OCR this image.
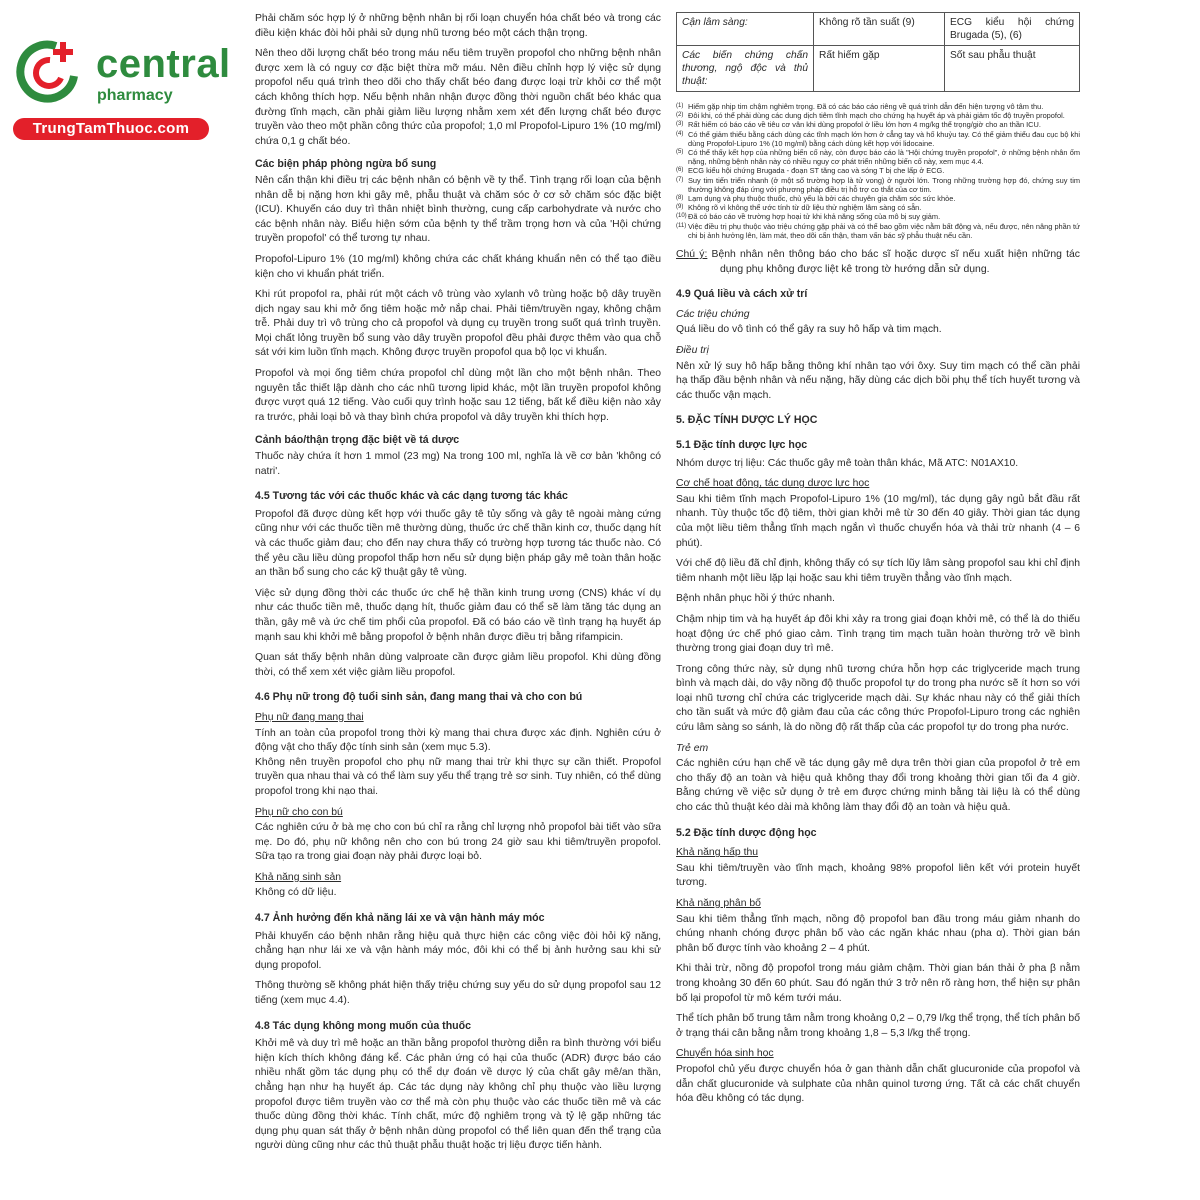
central
pharmacy
TrungTamThuoc.com

Phải chăm sóc hợp lý ở những bệnh nhân bị rối loạn chuyển hóa chất béo và trong các điều kiện khác đòi hỏi phải sử dụng nhũ tương béo một cách thận trọng.

Nên theo dõi lượng chất béo trong máu nếu tiêm truyền propofol cho những bệnh nhân được xem là có nguy cơ đặc biệt thừa mỡ máu. Nên điều chỉnh hợp lý việc sử dụng propofol nếu quá trình theo dõi cho thấy chất béo đang được loại trừ khỏi cơ thể một cách không thích hợp. Nếu bệnh nhân nhận được đồng thời nguồn chất béo khác qua đường tĩnh mạch, cần phải giảm liều lượng nhằm xem xét đến lượng chất béo được truyền vào theo một phần công thức của propofol; 1,0 ml Propofol-Lipuro 1% (10 mg/ml) chứa 0,1 g chất béo.

Các biện pháp phòng ngừa bổ sung

Nên cẩn thận khi điều trị các bệnh nhân có bệnh về ty thể. Tình trạng rối loạn của bệnh nhân dễ bị nặng hơn khi gây mê, phẫu thuật và chăm sóc ở cơ sở chăm sóc đặc biệt (ICU). Khuyến cáo duy trì thân nhiệt bình thường, cung cấp carbohydrate và nước cho các bệnh nhân này. Biểu hiện sớm của bệnh ty thể trầm trọng hơn và của 'Hội chứng truyền propofol' có thể tương tự nhau.

Propofol-Lipuro 1% (10 mg/ml) không chứa các chất kháng khuẩn nên có thể tạo điều kiện cho vi khuẩn phát triển.

Khi rút propofol ra, phải rút một cách vô trùng vào xylanh vô trùng hoặc bộ dây truyền dịch ngay sau khi mở ống tiêm hoặc mở nắp chai. Phải tiêm/truyền ngay, không chậm trễ. Phải duy trì vô trùng cho cả propofol và dụng cụ truyền trong suốt quá trình truyền. Mọi chất lỏng truyền bổ sung vào dây truyền propofol đều phải được thêm vào qua chỗ sát với kim luồn tĩnh mạch. Không được truyền propofol qua bộ lọc vi khuẩn.

Propofol và mọi ống tiêm chứa propofol chỉ dùng một lần cho một bệnh nhân. Theo nguyên tắc thiết lập dành cho các nhũ tương lipid khác, một lần truyền propofol không được vượt quá 12 tiếng. Vào cuối quy trình hoặc sau 12 tiếng, bất kể điều kiện nào xảy ra trước, phải loại bỏ và thay bình chứa propofol và dây truyền khi thích hợp.

Cảnh báo/thận trọng đặc biệt về tá dược

Thuốc này chứa ít hơn 1 mmol (23 mg) Na trong 100 ml, nghĩa là về cơ bản 'không có natri'.

4.5 Tương tác với các thuốc khác và các dạng tương tác khác

Propofol đã được dùng kết hợp với thuốc gây tê tủy sống và gây tê ngoài màng cứng cũng như với các thuốc tiền mê thường dùng, thuốc ức chế thần kinh cơ, thuốc dạng hít và các thuốc giảm đau; cho đến nay chưa thấy có trường hợp tương tác thuốc nào. Có thể yêu cầu liều dùng propofol thấp hơn nếu sử dụng biện pháp gây mê toàn thân hoặc an thần bổ sung cho các kỹ thuật gây tê vùng.

Việc sử dụng đồng thời các thuốc ức chế hệ thần kinh trung ương (CNS) khác ví dụ như các thuốc tiền mê, thuốc dạng hít, thuốc giảm đau có thể sẽ làm tăng tác dụng an thần, gây mê và ức chế tim phổi của propofol. Đã có báo cáo về tình trạng hạ huyết áp mạnh sau khi khởi mê bằng propofol ở bệnh nhân được điều trị bằng rifampicin.

Quan sát thấy bệnh nhân dùng valproate cần được giảm liều propofol. Khi dùng đồng thời, có thể xem xét việc giảm liều propofol.

4.6 Phụ nữ trong độ tuổi sinh sản, đang mang thai và cho con bú
Phụ nữ đang mang thai

Tính an toàn của propofol trong thời kỳ mang thai chưa được xác định. Nghiên cứu ở động vật cho thấy độc tính sinh sản (xem mục 5.3).

Không nên truyền propofol cho phụ nữ mang thai trừ khi thực sự cần thiết. Propofol truyền qua nhau thai và có thể làm suy yếu thể trạng trẻ sơ sinh. Tuy nhiên, có thể dùng propofol trong khi nạo thai.

Phụ nữ cho con bú

Các nghiên cứu ở bà mẹ cho con bú chỉ ra rằng chỉ lượng nhỏ propofol bài tiết vào sữa mẹ. Do đó, phụ nữ không nên cho con bú trong 24 giờ sau khi tiêm/truyền propofol. Sữa tạo ra trong giai đoạn này phải được loại bỏ.

Khả năng sinh sản

Không có dữ liệu.

4.7 Ảnh hưởng đến khả năng lái xe và vận hành máy móc

Phải khuyến cáo bệnh nhân rằng hiệu quả thực hiện các công việc đòi hỏi kỹ năng, chẳng hạn như lái xe và vận hành máy móc, đôi khi có thể bị ảnh hưởng sau khi sử dụng propofol.

Thông thường sẽ không phát hiện thấy triệu chứng suy yếu do sử dụng propofol sau 12 tiếng (xem mục 4.4).

4.8 Tác dụng không mong muốn của thuốc

Khởi mê và duy trì mê hoặc an thần bằng propofol thường diễn ra bình thường với biểu hiện kích thích không đáng kể. Các phản ứng có hại của thuốc (ADR) được báo cáo nhiều nhất gồm tác dụng phụ có thể dự đoán về dược lý của chất gây mê/an thần, chẳng hạn như hạ huyết áp. Các tác dụng này không chỉ phụ thuộc vào liều lượng propofol được tiêm truyền vào cơ thể mà còn phụ thuộc vào các thuốc tiền mê và các thuốc dùng đồng thời khác. Tính chất, mức độ nghiêm trọng và tỷ lệ gặp những tác dụng phụ quan sát thấy ở bệnh nhân dùng propofol có thể liên quan đến thể trạng của người dùng cũng như các thủ thuật phẫu thuật hoặc trị liệu được tiến hành.

Cận lâm sàng:	Không rõ tần suất (9)	ECG kiểu hội chứng Brugada (5), (6)
Các biến chứng chấn thương, ngộ độc và thủ thuật:	Rất hiếm gặp	Sốt sau phẫu thuật
(1) Hiếm gặp nhịp tim chậm nghiêm trọng. Đã có các báo cáo riêng về quá trình dẫn đến hiện tượng vô tâm thu.
(2) Đôi khi, có thể phải dùng các dung dịch tiêm tĩnh mạch cho chứng hạ huyết áp và phải giảm tốc độ truyền propofol.
(3) Rất hiếm có báo cáo về tiêu cơ vân khi dùng propofol ở liều lớn hơn 4 mg/kg thể trọng/giờ cho an thần ICU.
(4) Có thể giảm thiểu bằng cách dùng các tĩnh mạch lớn hơn ở cẳng tay và hố khuỷu tay. Có thể giảm thiểu đau cục bộ khi dùng Propofol-Lipuro 1% (10 mg/ml) bằng cách dùng kết hợp với lidocaine.
(5) Có thể thấy kết hợp của những biến cố này, còn được báo cáo là "Hội chứng truyền propofol", ở những bệnh nhân ốm nặng, những bệnh nhân này có nhiều nguy cơ phát triển những biến cố này, xem mục 4.4.
(6) ECG kiểu hội chứng Brugada - đoạn ST tăng cao và sóng T bị che lấp ở ECG.
(7) Suy tim tiến triển nhanh (ở một số trường hợp là tử vong) ở người lớn. Trong những trường hợp đó, chứng suy tim thường không đáp ứng với phương pháp điều trị hỗ trợ co thắt của cơ tim.
(8) Lạm dụng và phụ thuộc thuốc, chủ yếu là bởi các chuyên gia chăm sóc sức khỏe.
(9) Không rõ vì không thể ước tính từ dữ liệu thử nghiệm lâm sàng có sẵn.
(10) Đã có báo cáo về trường hợp hoại tử khi khả năng sống của mô bị suy giảm.
(11) Việc điều trị phụ thuộc vào triệu chứng gặp phải và có thể bao gồm việc nằm bất động và, nếu được, nên nâng phần tứ chi bị ảnh hưởng lên, làm mát, theo dõi cẩn thận, tham vấn bác sỹ phẫu thuật nếu cần.

Chú ý: Bệnh nhân nên thông báo cho bác sĩ hoặc dược sĩ nếu xuất hiện những tác dụng phụ không được liệt kê trong tờ hướng dẫn sử dụng.

4.9 Quá liều và cách xử trí
Các triệu chứng

Quá liều do vô tình có thể gây ra suy hô hấp và tim mạch.

Điều trị

Nên xử lý suy hô hấp bằng thông khí nhân tạo với ôxy. Suy tim mạch có thể cần phải hạ thấp đầu bệnh nhân và nếu nặng, hãy dùng các dịch bồi phụ thể tích huyết tương và các thuốc vận mạch.

5. ĐẶC TÍNH DƯỢC LÝ HỌC
5.1 Đặc tính dược lực học

Nhóm dược trị liệu: Các thuốc gây mê toàn thân khác, Mã ATC: N01AX10.

Cơ chế hoạt động, tác dụng dược lực học

Sau khi tiêm tĩnh mạch Propofol-Lipuro 1% (10 mg/ml), tác dụng gây ngủ bắt đầu rất nhanh. Tùy thuộc tốc độ tiêm, thời gian khởi mê từ 30 đến 40 giây. Thời gian tác dụng của một liều tiêm thẳng tĩnh mạch ngắn vì thuốc chuyển hóa và thải trừ nhanh (4 – 6 phút).

Với chế độ liều đã chỉ định, không thấy có sự tích lũy lâm sàng propofol sau khi chỉ định tiêm nhanh một liều lặp lại hoặc sau khi tiêm truyền thẳng vào tĩnh mạch.

Bệnh nhân phục hồi ý thức nhanh.

Chậm nhịp tim và hạ huyết áp đôi khi xảy ra trong giai đoạn khởi mê, có thể là do thiếu hoạt động ức chế phó giao cảm. Tình trạng tim mạch tuần hoàn thường trở về bình thường trong giai đoạn duy trì mê.

Trong công thức này, sử dụng nhũ tương chứa hỗn hợp các triglyceride mạch trung bình và mạch dài, do vậy nồng độ thuốc propofol tự do trong pha nước sẽ ít hơn so với loại nhũ tương chỉ chứa các triglyceride mạch dài. Sự khác nhau này có thể giải thích cho tần suất và mức độ giảm đau của các công thức Propofol-Lipuro trong các nghiên cứu lâm sàng so sánh, là do nồng độ rất thấp của các propofol tự do trong pha nước.

Trẻ em

Các nghiên cứu hạn chế về tác dụng gây mê dựa trên thời gian của propofol ở trẻ em cho thấy độ an toàn và hiệu quả không thay đổi trong khoảng thời gian tối đa 4 giờ. Bằng chứng về việc sử dụng ở trẻ em được chứng minh bằng tài liệu là có thể dùng cho các thủ thuật kéo dài mà không làm thay đổi độ an toàn và hiệu quả.

5.2 Đặc tính dược động học
Khả năng hấp thu

Sau khi tiêm/truyền vào tĩnh mạch, khoảng 98% propofol liên kết với protein huyết tương.

Khả năng phân bố

Sau khi tiêm thẳng tĩnh mạch, nồng độ propofol ban đầu trong máu giảm nhanh do chúng nhanh chóng được phân bố vào các ngăn khác nhau (pha α). Thời gian bán phân bố được tính vào khoảng 2 – 4 phút.

Khi thải trừ, nồng độ propofol trong máu giảm chậm. Thời gian bán thải ở pha β nằm trong khoảng 30 đến 60 phút. Sau đó ngăn thứ 3 trở nên rõ ràng hơn, thể hiện sự phân bố lại propofol từ mô kém tưới máu.

Thể tích phân bố trung tâm nằm trong khoảng 0,2 – 0,79 l/kg thể trọng, thể tích phân bố ở trạng thái cân bằng nằm trong khoảng 1,8 – 5,3 l/kg thể trọng.

Chuyển hóa sinh học

Propofol chủ yếu được chuyển hóa ở gan thành dẫn chất glucuronide của propofol và dẫn chất glucuronide và sulphate của nhân quinol tương ứng. Tất cả các chất chuyển hóa đều không có tác dụng.
